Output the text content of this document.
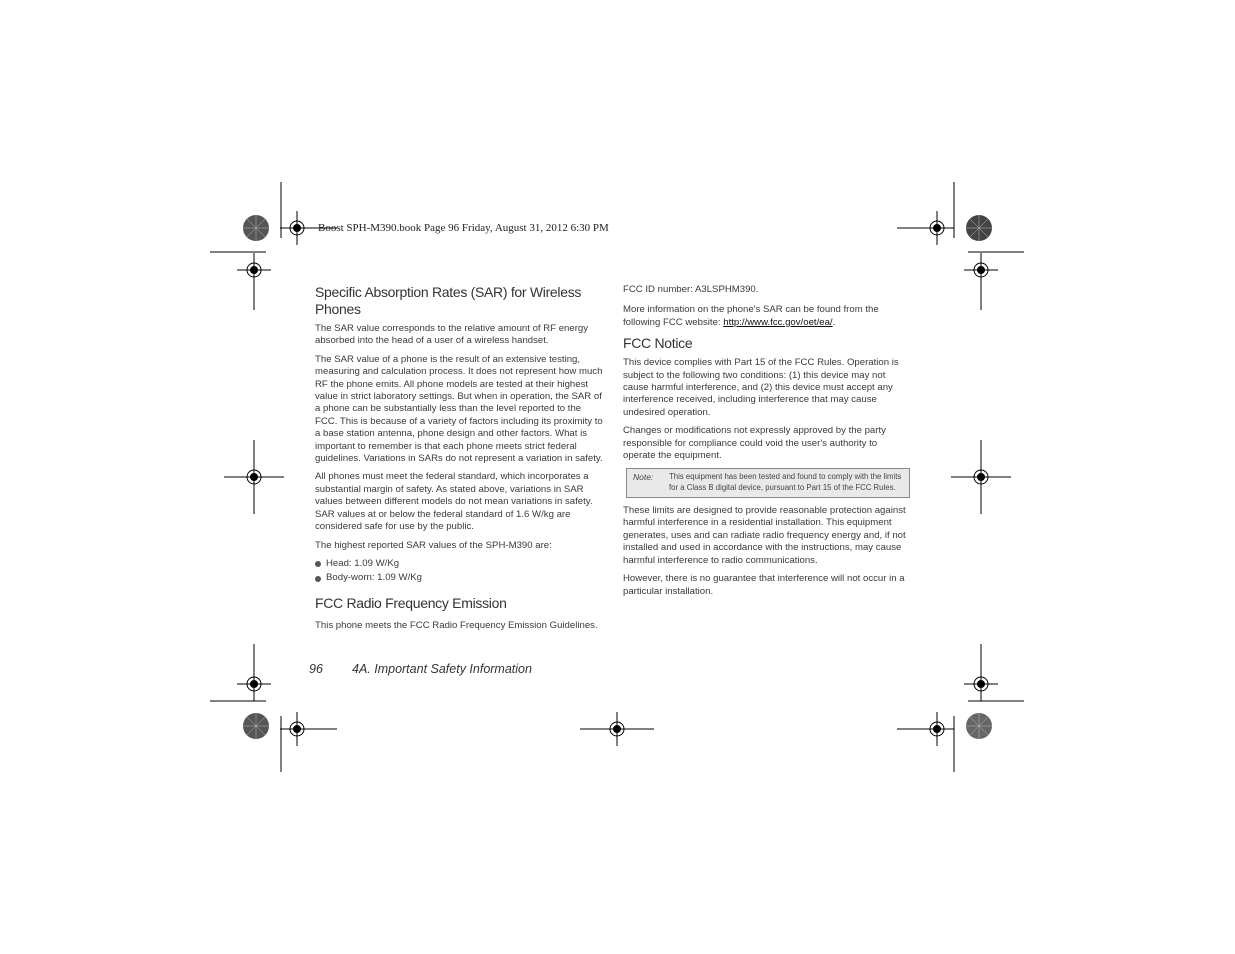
Boost SPH-M390.book Page 96 Friday, August 31, 2012 6:30 PM
Specific Absorption Rates (SAR) for Wireless Phones

The SAR value corresponds to the relative amount of RF energy absorbed into the head of a user of a wireless handset.

The SAR value of a phone is the result of an extensive testing, measuring and calculation process. It does not represent how much RF the phone emits. All phone models are tested at their highest value in strict laboratory settings. But when in operation, the SAR of a phone can be substantially less than the level reported to the FCC. This is because of a variety of factors including its proximity to a base station antenna, phone design and other factors. What is important to remember is that each phone meets strict federal guidelines. Variations in SARs do not represent a variation in safety.

All phones must meet the federal standard, which incorporates a substantial margin of safety. As stated above, variations in SAR values between different models do not mean variations in safety. SAR values at or below the federal standard of 1.6 W/kg are considered safe for use by the public.

The highest reported SAR values of the SPH-M390 are:

Head: 1.09 W/Kg
Body-worn: 1.09 W/Kg
FCC Radio Frequency Emission

This phone meets the FCC Radio Frequency Emission Guidelines.

FCC ID number: A3LSPHM390.

More information on the phone's SAR can be found from the following FCC website: http://www.fcc.gov/oet/ea/.

FCC Notice

This device complies with Part 15 of the FCC Rules. Operation is subject to the following two conditions: (1) this device may not cause harmful interference, and (2) this device must accept any interference received, including interference that may cause undesired operation.

Changes or modifications not expressly approved by the party responsible for compliance could void the user's authority to operate the equipment.

Note:	This equipment has been tested and found to comply with the limits for a Class B digital device, pursuant to Part 15 of the FCC Rules.

These limits are designed to provide reasonable protection against harmful interference in a residential installation. This equipment generates, uses and can radiate radio frequency energy and, if not installed and used in accordance with the instructions, may cause harmful interference to radio communications.

However, there is no guarantee that interference will not occur in a particular installation.

96 4A. Important Safety Information
